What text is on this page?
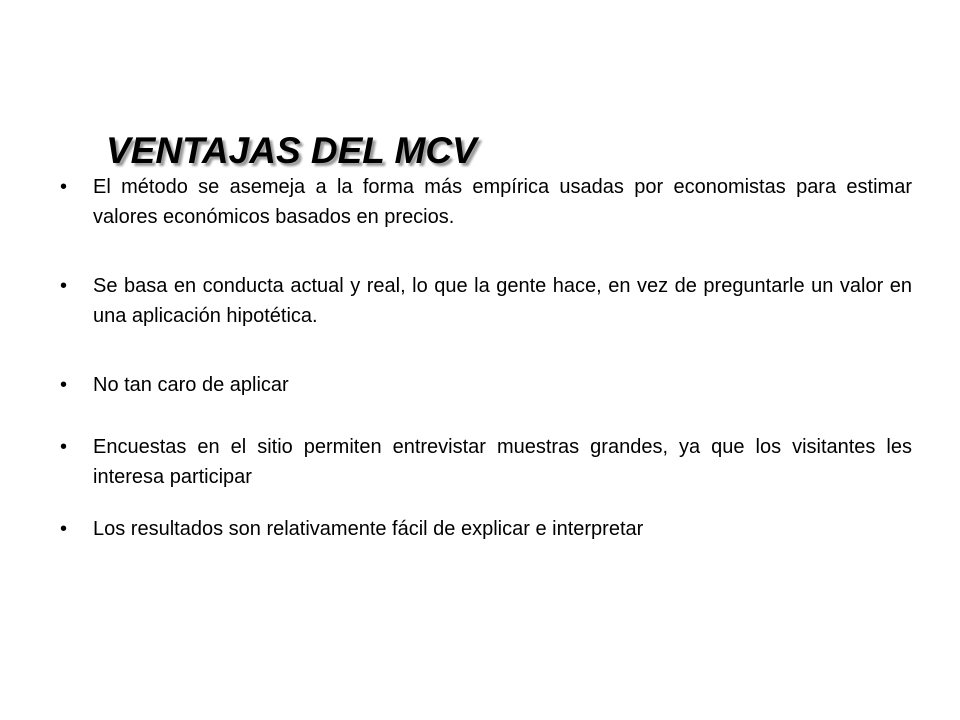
VENTAJAS DEL MCV
• El método se asemeja a la forma más empírica usadas por economistas para estimar valores económicos basados en precios.
• Se basa en conducta actual y real, lo que la gente hace, en vez de preguntarle un valor en una aplicación hipotética.
• No tan caro de aplicar
• Encuestas en el sitio permiten entrevistar muestras grandes, ya que los visitantes les interesa participar
• Los resultados son relativamente fácil de explicar e interpretar
